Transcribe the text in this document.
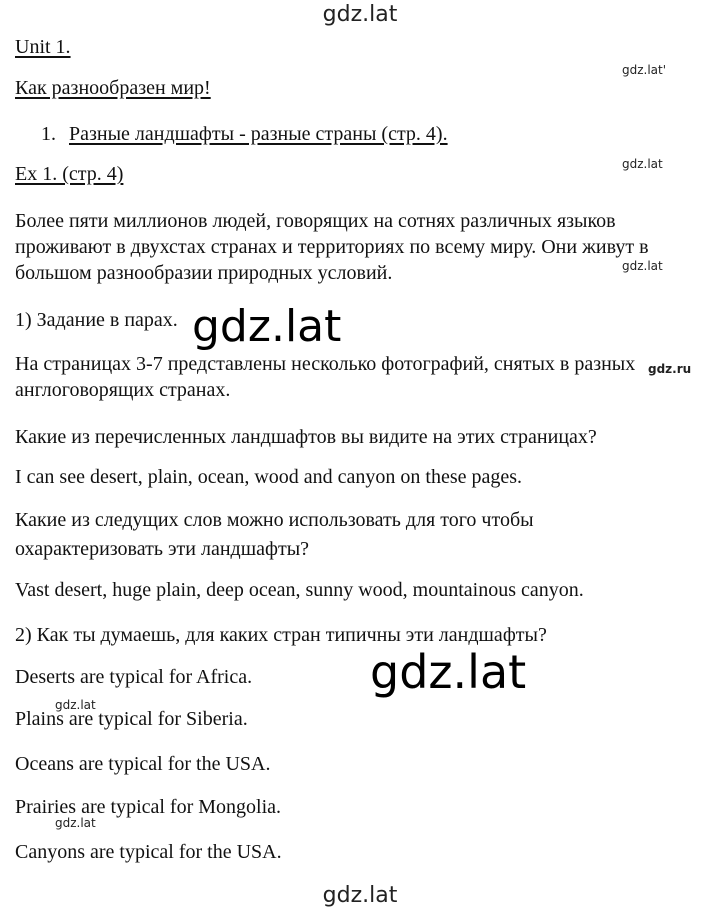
gdz.lat
gdz.lat'
gdz.lat
gdz.lat
gdz.ru
Unit 1.
Как разнообразен мир!
1. Разные ландшафты - разные страны (стр. 4).
Ex 1. (стр. 4)
Более пяти миллионов людей, говорящих на сотнях различных языков
проживают в двухстах странах и территориях по всему миру. Они живут в
большом разнообразии природных условий.
1) Задание в парах.
На страницах 3-7 представлены несколько фотографий, снятых в разных
англоговорящих странах.
Какие из перечисленных ландшафтов вы видите на этих страницах?
I can see desert, plain, ocean, wood and canyon on these pages.
Какие из следущих слов можно использовать для того чтобы
охарактеризовать эти ландшафты?
Vast desert, huge plain, deep ocean, sunny wood, mountainous canyon.
2) Как ты думаешь, для каких стран типичны эти ландшафты?
Deserts are typical for Africa.
Plains are typical for Siberia.
Oceans are typical for the USA.
Prairies are typical for Mongolia.
Canyons are typical for the USA.
gdz.lat
gdz.lat
gdz.lat
gdz.lat
gdz.lat
